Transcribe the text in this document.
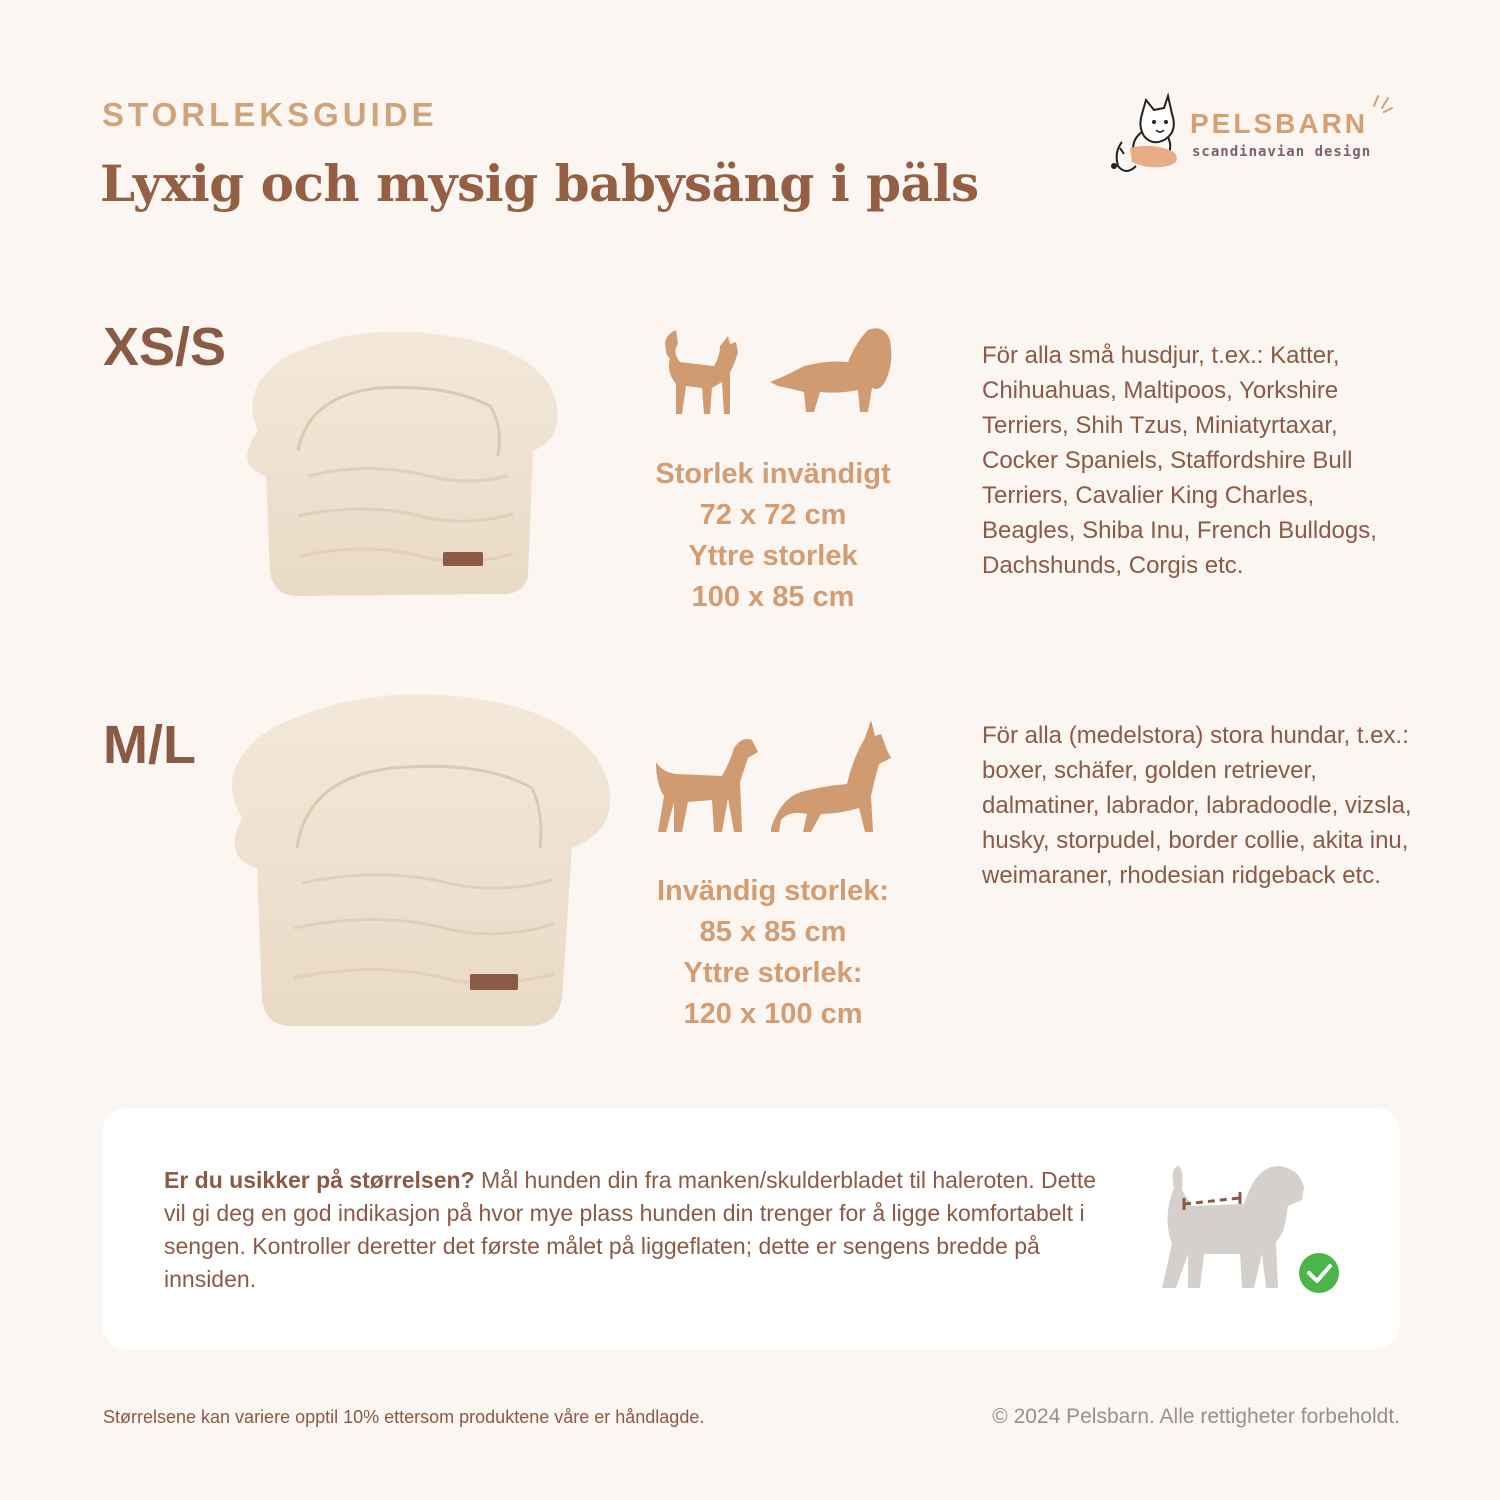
STORLEKSGUIDE
Lyxig och mysig babysäng i päls
PELSBARN
scandinavian design
XS/S
Storlek invändigt
72 x 72 cm
Yttre storlek
100 x 85 cm

För alla små husdjur, t.ex.: Katter, Chihuahuas, Maltipoos, Yorkshire Terriers, Shih Tzus, Miniatyrtaxar, Cocker Spaniels, Staffordshire Bull Terriers, Cavalier King Charles, Beagles, Shiba Inu, French Bulldogs, Dachshunds, Corgis etc.

M/L
Invändig storlek:
85 x 85 cm
Yttre storlek:
120 x 100 cm

För alla (medelstora) stora hundar, t.ex.: boxer, schäfer, golden retriever, dalmatiner, labrador, labradoodle, vizsla, husky, storpudel, border collie, akita inu, weimaraner, rhodesian ridgeback etc.

Er du usikker på størrelsen? Mål hunden din fra manken/skulderbladet til haleroten. Dette vil gi deg en god indikasjon på hvor mye plass hunden din trenger for å ligge komfortabelt i sengen. Kontroller deretter det første målet på liggeflaten; dette er sengens bredde på innsiden.

Størrelsene kan variere opptil 10% ettersom produktene våre er håndlagde.	© 2024 Pelsbarn. Alle rettigheter forbeholdt.
